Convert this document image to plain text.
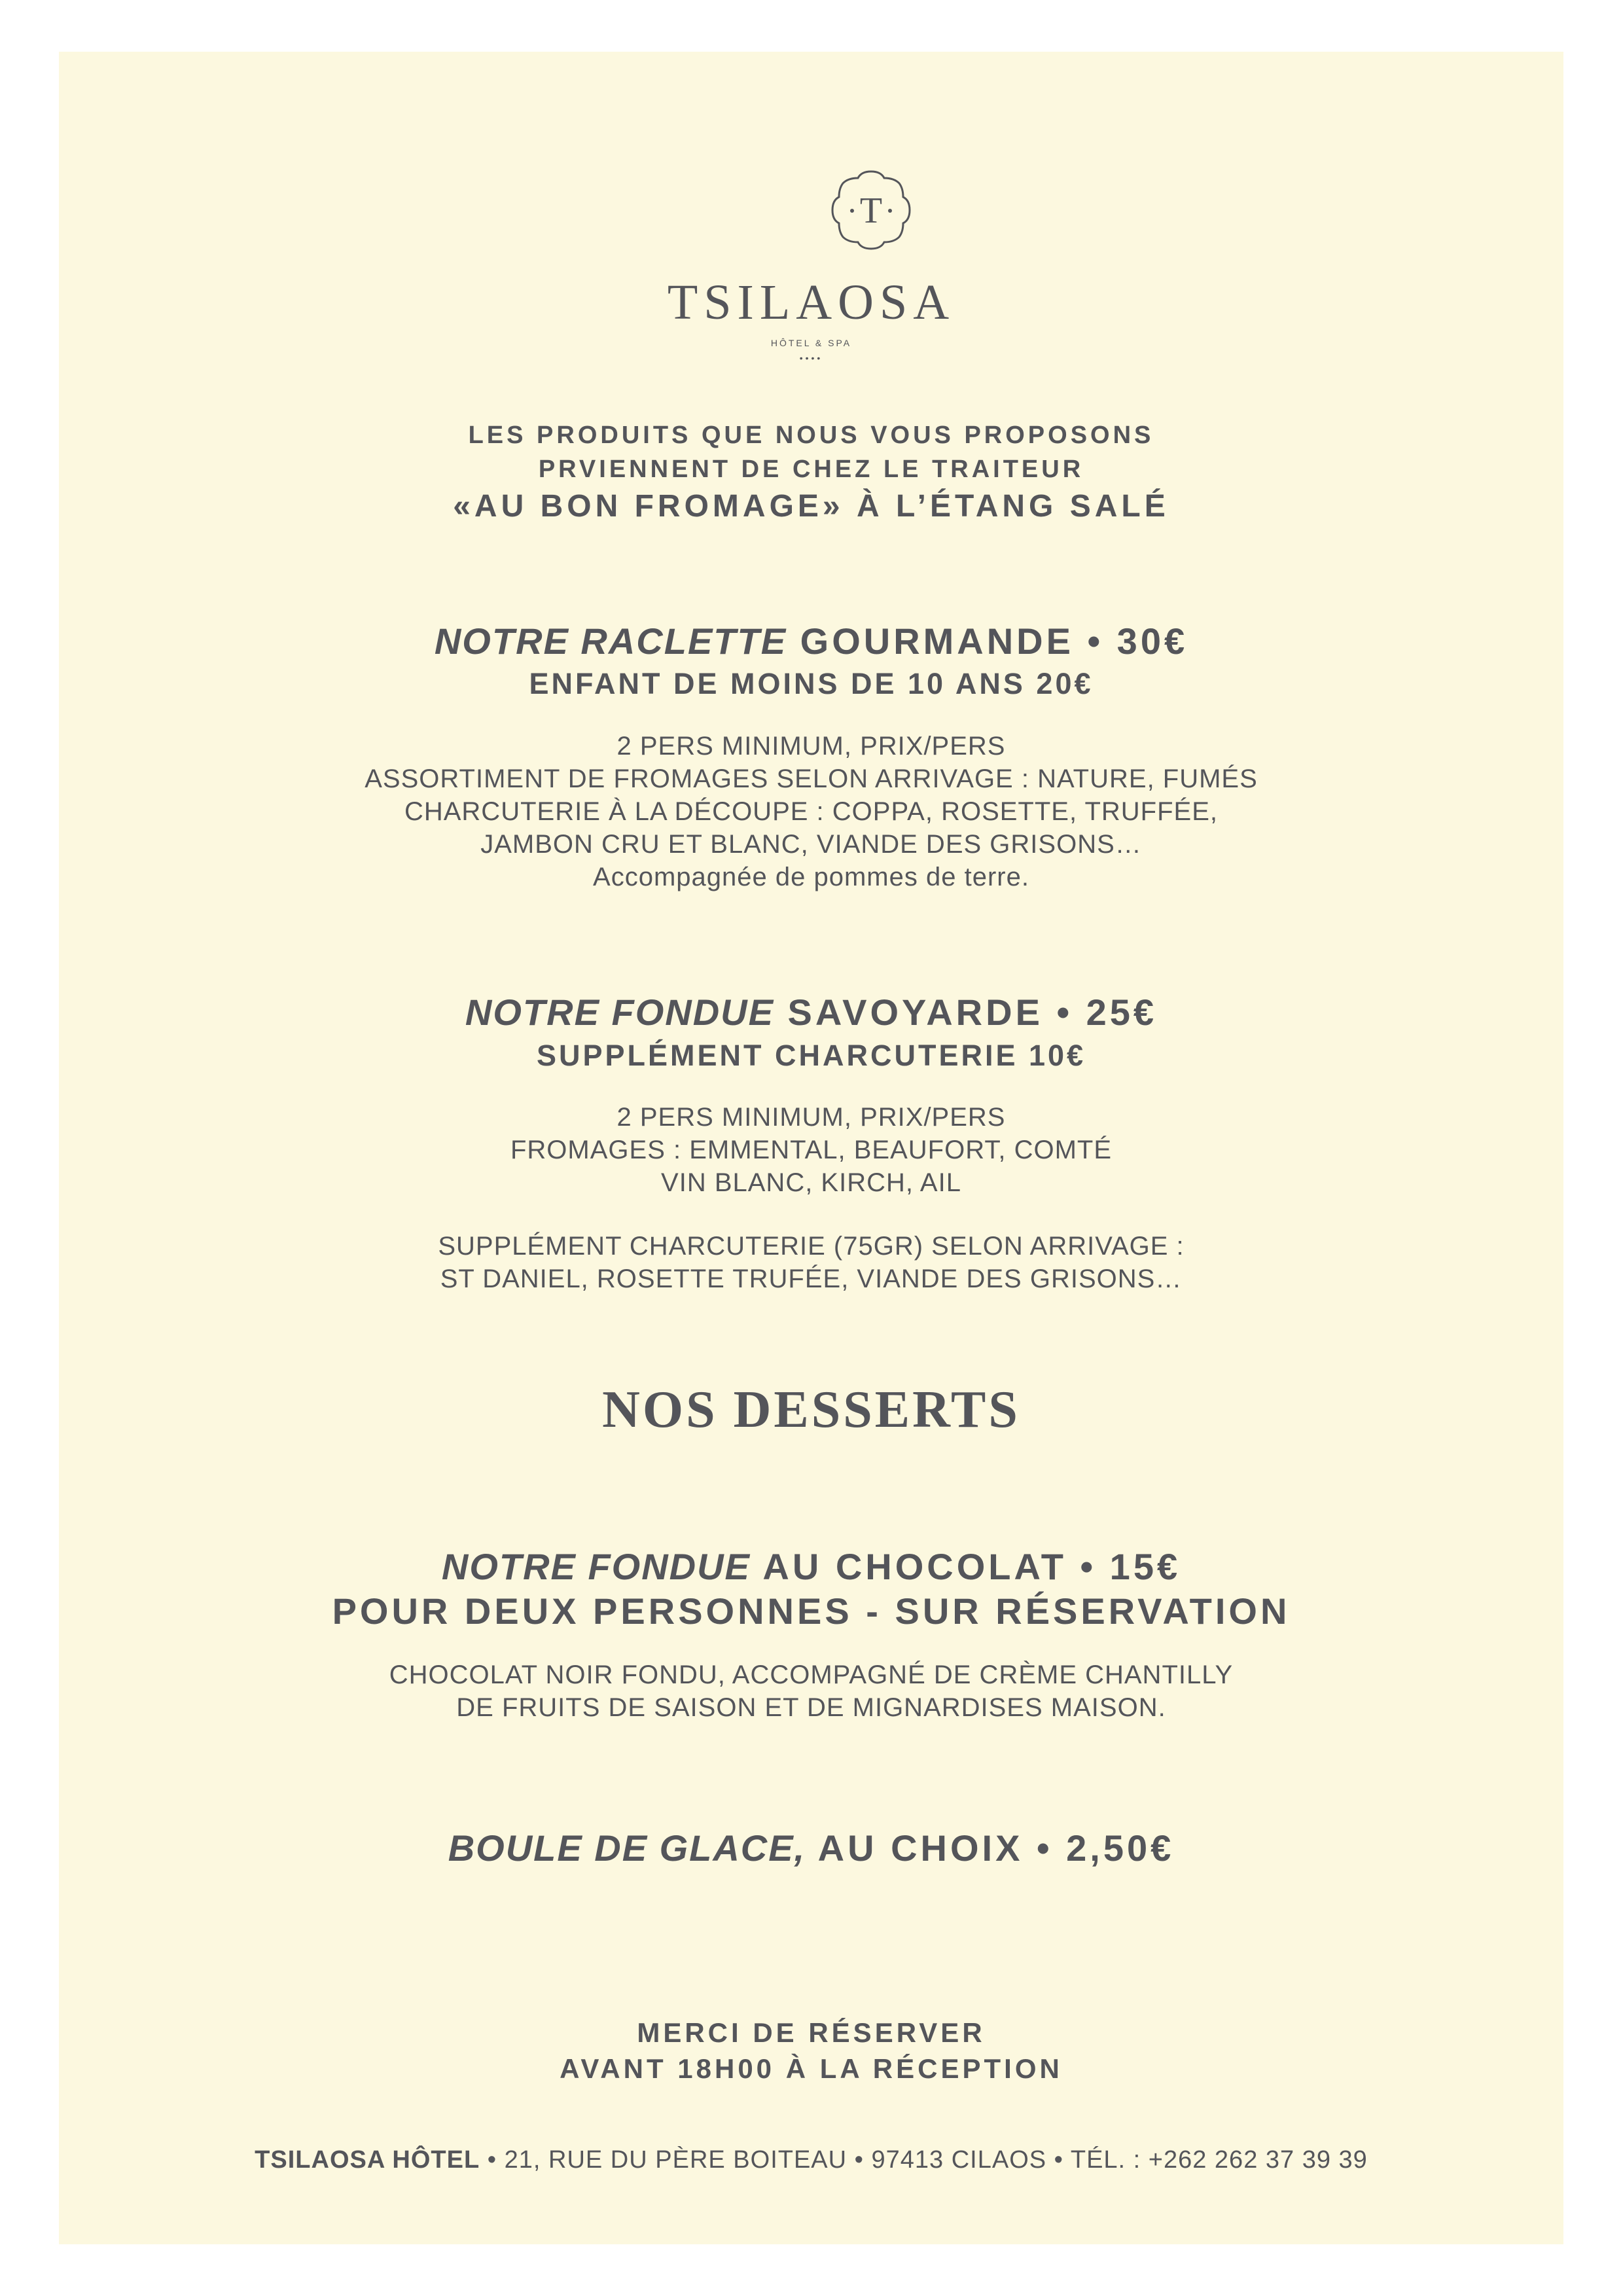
T
TSILAOSA
HÔTEL & SPA
••••
LES PRODUITS QUE NOUS VOUS PROPOSONS
PRVIENNENT DE CHEZ LE TRAITEUR
«AU BON FROMAGE» À L’ÉTANG SALÉ
NOTRE RACLETTE GOURMANDE • 30€
ENFANT DE MOINS DE 10 ANS 20€
2 PERS MINIMUM, PRIX/PERS
ASSORTIMENT DE FROMAGES SELON ARRIVAGE : NATURE, FUMÉS
CHARCUTERIE À LA DÉCOUPE : COPPA, ROSETTE, TRUFFÉE,
JAMBON CRU ET BLANC, VIANDE DES GRISONS…
Accompagnée de pommes de terre.
NOTRE FONDUE SAVOYARDE • 25€
SUPPLÉMENT CHARCUTERIE 10€
2 PERS MINIMUM, PRIX/PERS
FROMAGES : EMMENTAL, BEAUFORT, COMTÉ
VIN BLANC, KIRCH, AIL
SUPPLÉMENT CHARCUTERIE (75GR) SELON ARRIVAGE :
ST DANIEL, ROSETTE TRUFÉE, VIANDE DES GRISONS…
NOS DESSERTS
NOTRE FONDUE AU CHOCOLAT • 15€
POUR DEUX PERSONNES - SUR RÉSERVATION
CHOCOLAT NOIR FONDU, ACCOMPAGNÉ DE CRÈME CHANTILLY
DE FRUITS DE SAISON ET DE MIGNARDISES MAISON.
BOULE DE GLACE, AU CHOIX • 2,50€
MERCI DE RÉSERVER
AVANT 18H00 À LA RÉCEPTION
TSILAOSA HÔTEL • 21, RUE DU PÈRE BOITEAU • 97413 CILAOS • TÉL. : +262 262 37 39 39
